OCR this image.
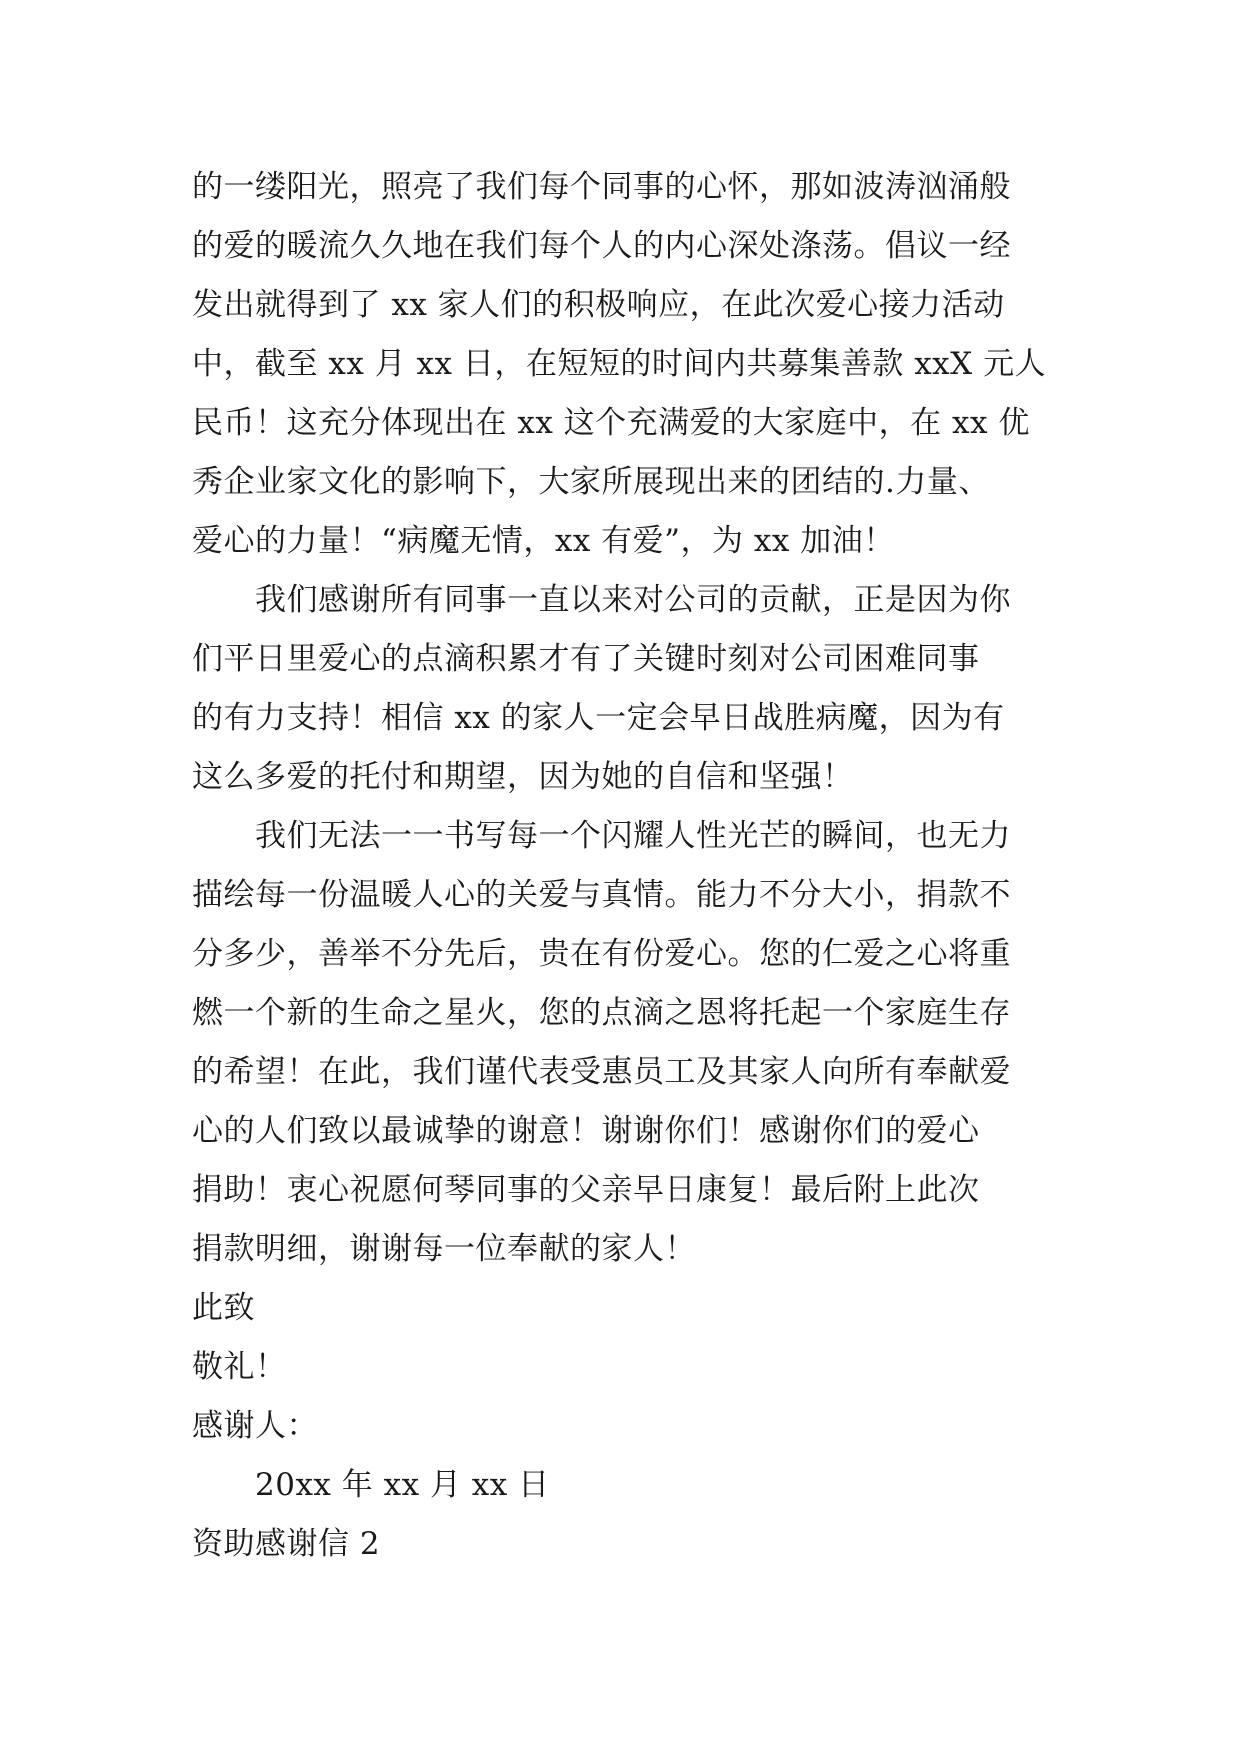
的一缕阳光，照亮了我们每个同事的心怀，那如波涛汹涌般
的爱的暖流久久地在我们每个人的内心深处涤荡。倡议一经
发出就得到了 xx 家人们的积极响应，在此次爱心接力活动
中，截至 xx 月 xx 日，在短短的时间内共募集善款 xxX 元人
民币！这充分体现出在 xx 这个充满爱的大家庭中，在 xx 优
秀企业家文化的影响下，大家所展现出来的团结的.力量、
爱心的力量！“病魔无情，xx 有爱”，为 xx 加油！
我们感谢所有同事一直以来对公司的贡献，正是因为你
们平日里爱心的点滴积累才有了关键时刻对公司困难同事
的有力支持！相信 xx 的家人一定会早日战胜病魔，因为有
这么多爱的托付和期望，因为她的自信和坚强！
我们无法一一书写每一个闪耀人性光芒的瞬间，也无力
描绘每一份温暖人心的关爱与真情。能力不分大小，捐款不
分多少，善举不分先后，贵在有份爱心。您的仁爱之心将重
燃一个新的生命之星火，您的点滴之恩将托起一个家庭生存
的希望！在此，我们谨代表受惠员工及其家人向所有奉献爱
心的人们致以最诚挚的谢意！谢谢你们！感谢你们的爱心
捐助！衷心祝愿何琴同事的父亲早日康复！最后附上此次
捐款明细，谢谢每一位奉献的家人！
此致
敬礼！
感谢人：
20xx 年 xx 月 xx 日
资助感谢信 2
